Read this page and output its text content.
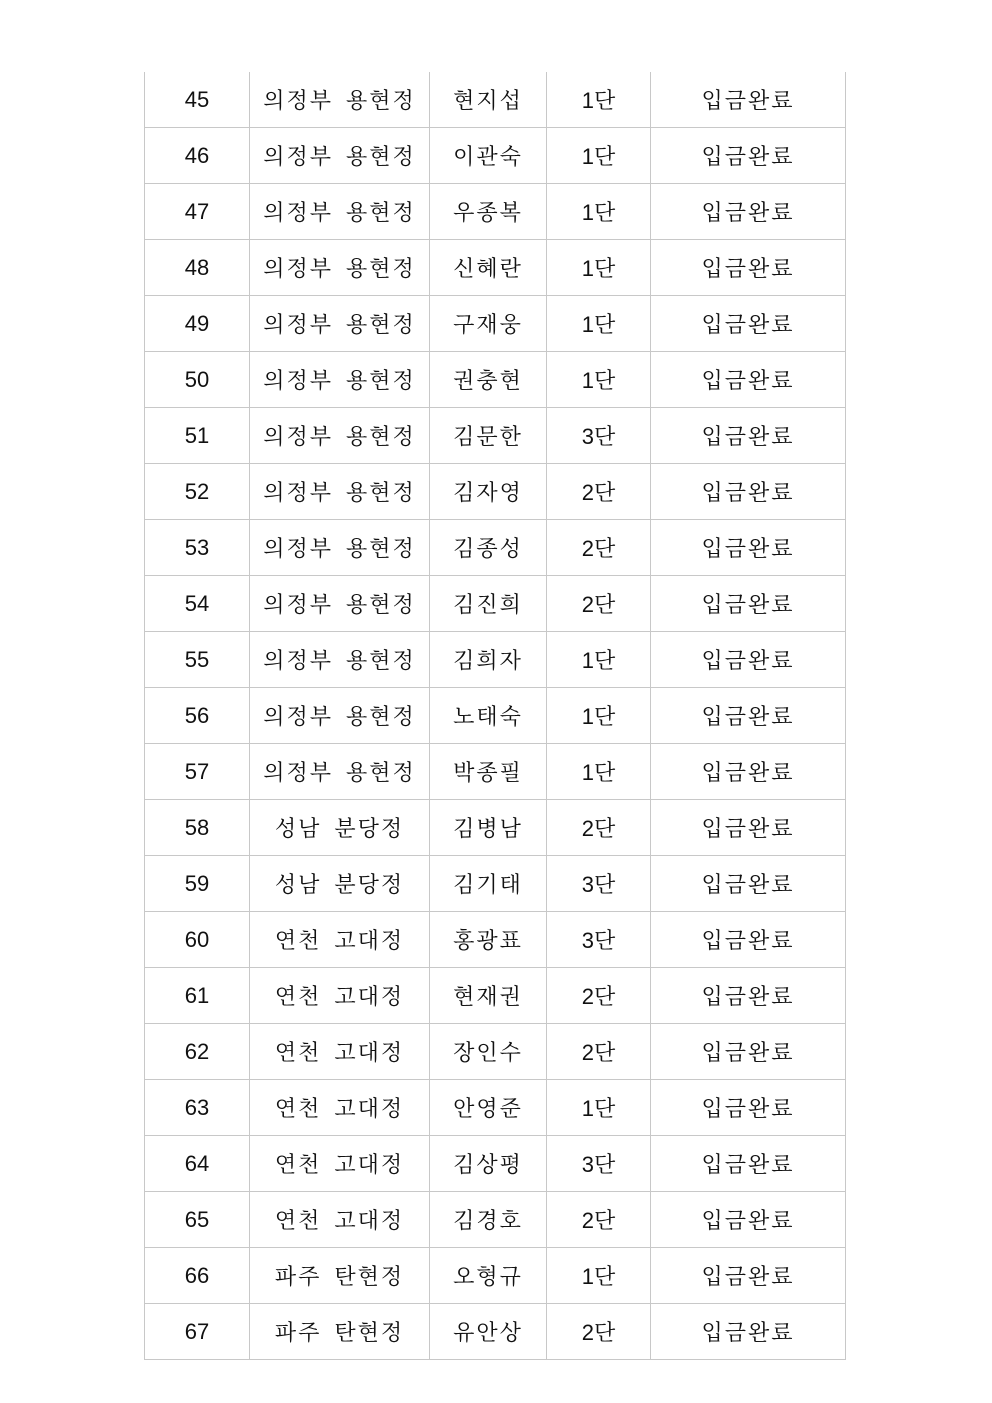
45	의정부 용현정	현지섭	1단	입금완료
46	의정부 용현정	이관숙	1단	입금완료
47	의정부 용현정	우종복	1단	입금완료
48	의정부 용현정	신혜란	1단	입금완료
49	의정부 용현정	구재웅	1단	입금완료
50	의정부 용현정	권충현	1단	입금완료
51	의정부 용현정	김문한	3단	입금완료
52	의정부 용현정	김자영	2단	입금완료
53	의정부 용현정	김종성	2단	입금완료
54	의정부 용현정	김진희	2단	입금완료
55	의정부 용현정	김희자	1단	입금완료
56	의정부 용현정	노태숙	1단	입금완료
57	의정부 용현정	박종필	1단	입금완료
58	성남 분당정	김병남	2단	입금완료
59	성남 분당정	김기태	3단	입금완료
60	연천 고대정	홍광표	3단	입금완료
61	연천 고대정	현재권	2단	입금완료
62	연천 고대정	장인수	2단	입금완료
63	연천 고대정	안영준	1단	입금완료
64	연천 고대정	김상평	3단	입금완료
65	연천 고대정	김경호	2단	입금완료
66	파주 탄현정	오형규	1단	입금완료
67	파주 탄현정	유안상	2단	입금완료
